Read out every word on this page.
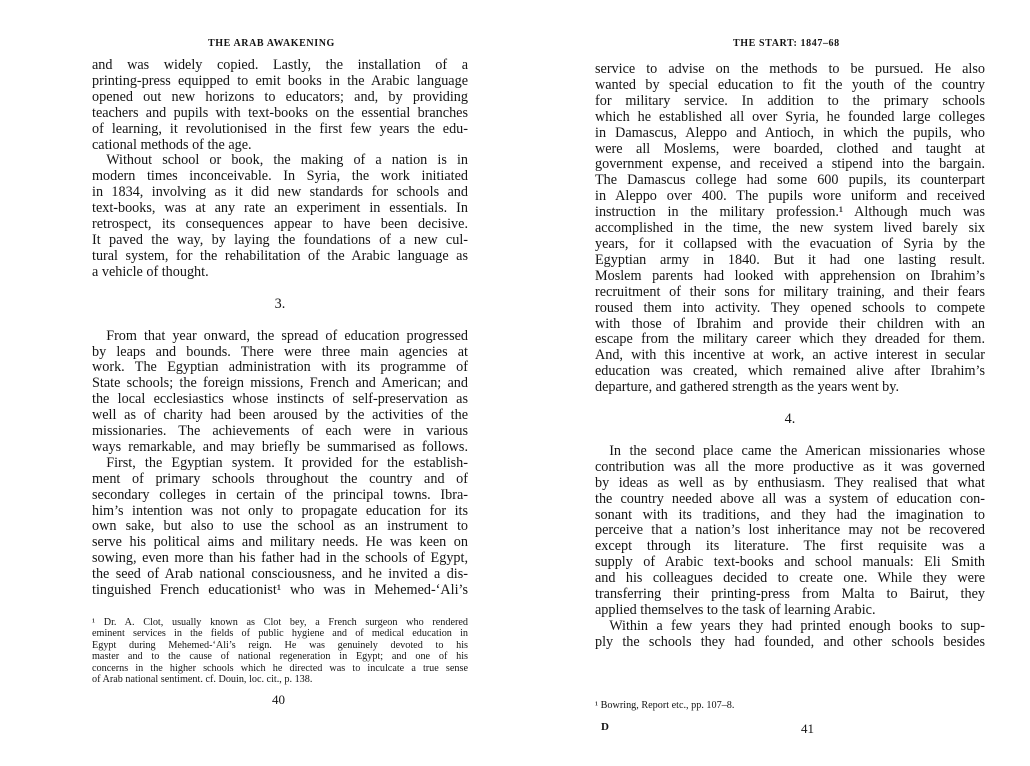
THE ARAB AWAKENING
and was widely copied. Lastly, the installation of a
printing-press equipped to emit books in the Arabic language
opened out new horizons to educators; and, by providing
teachers and pupils with text-books on the essential branches
of learning, it revolutionised in the first few years the edu-
cational methods of the age.
 Without school or book, the making of a nation is in
modern times inconceivable. In Syria, the work initiated
in 1834, involving as it did new standards for schools and
text-books, was at any rate an experiment in essentials. In
retrospect, its consequences appear to have been decisive.
It paved the way, by laying the foundations of a new cul-
tural system, for the rehabilitation of the Arabic language as
a vehicle of thought.
3.
 From that year onward, the spread of education progressed
by leaps and bounds. There were three main agencies at
work. The Egyptian administration with its programme of
State schools; the foreign missions, French and American; and
the local ecclesiastics whose instincts of self-preservation as
well as of charity had been aroused by the activities of the
missionaries. The achievements of each were in various
ways remarkable, and may briefly be summarised as follows.
 First, the Egyptian system. It provided for the establish-
ment of primary schools throughout the country and of
secondary colleges in certain of the principal towns. Ibra-
him’s intention was not only to propagate education for its
own sake, but also to use the school as an instrument to
serve his political aims and military needs. He was keen on
sowing, even more than his father had in the schools of Egypt,
the seed of Arab national consciousness, and he invited a dis-
tinguished French educationist¹ who was in Mehemed-‘Ali’s
¹ Dr. A. Clot, usually known as Clot bey, a French surgeon who rendered
eminent services in the fields of public hygiene and of medical education in
Egypt during Mehemed-‘Ali’s reign. He was genuinely devoted to his
master and to the cause of national regeneration in Egypt; and one of his
concerns in the higher schools which he directed was to inculcate a true sense
of Arab national sentiment. cf. Douin, loc. cit., p. 138.
40
THE START: 1847–68
service to advise on the methods to be pursued. He also
wanted by special education to fit the youth of the country
for military service. In addition to the primary schools
which he established all over Syria, he founded large colleges
in Damascus, Aleppo and Antioch, in which the pupils, who
were all Moslems, were boarded, clothed and taught at
government expense, and received a stipend into the bargain.
The Damascus college had some 600 pupils, its counterpart
in Aleppo over 400. The pupils wore uniform and received
instruction in the military profession.¹ Although much was
accomplished in the time, the new system lived barely six
years, for it collapsed with the evacuation of Syria by the
Egyptian army in 1840. But it had one lasting result.
Moslem parents had looked with apprehension on Ibrahim’s
recruitment of their sons for military training, and their fears
roused them into activity. They opened schools to compete
with those of Ibrahim and provide their children with an
escape from the military career which they dreaded for them.
And, with this incentive at work, an active interest in secular
education was created, which remained alive after Ibrahim’s
departure, and gathered strength as the years went by.
4.
 In the second place came the American missionaries whose
contribution was all the more productive as it was governed
by ideas as well as by enthusiasm. They realised that what
the country needed above all was a system of education con-
sonant with its traditions, and they had the imagination to
perceive that a nation’s lost inheritance may not be recovered
except through its literature. The first requisite was a
supply of Arabic text-books and school manuals: Eli Smith
and his colleagues decided to create one. While they were
transferring their printing-press from Malta to Bairut, they
applied themselves to the task of learning Arabic.
 Within a few years they had printed enough books to sup-
ply the schools they had founded, and other schools besides
¹ Bowring, Report etc., pp. 107–8.
D	41
